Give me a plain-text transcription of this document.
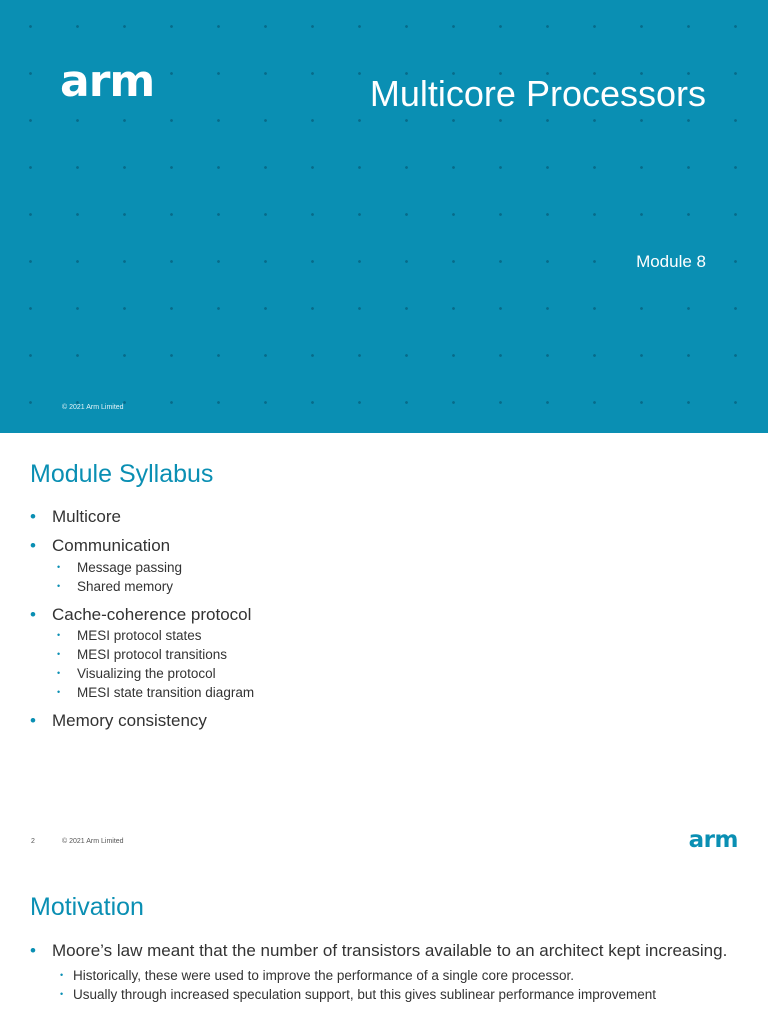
arm	Multicore Processors
Module 8
© 2021 Arm Limited
Module Syllabus
• Multicore
• Communication
• Message passing
• Shared memory
• Cache-coherence protocol
• MESI protocol states
• MESI protocol transitions
• Visualizing the protocol
• MESI state transition diagram
• Memory consistency
2	© 2021 Arm Limited	arm
Motivation
• Moore’s law meant that the number of transistors available to an architect kept increasing.
• Historically, these were used to improve the performance of a single core processor.
• Usually through increased speculation support, but this gives sublinear performance improvement
